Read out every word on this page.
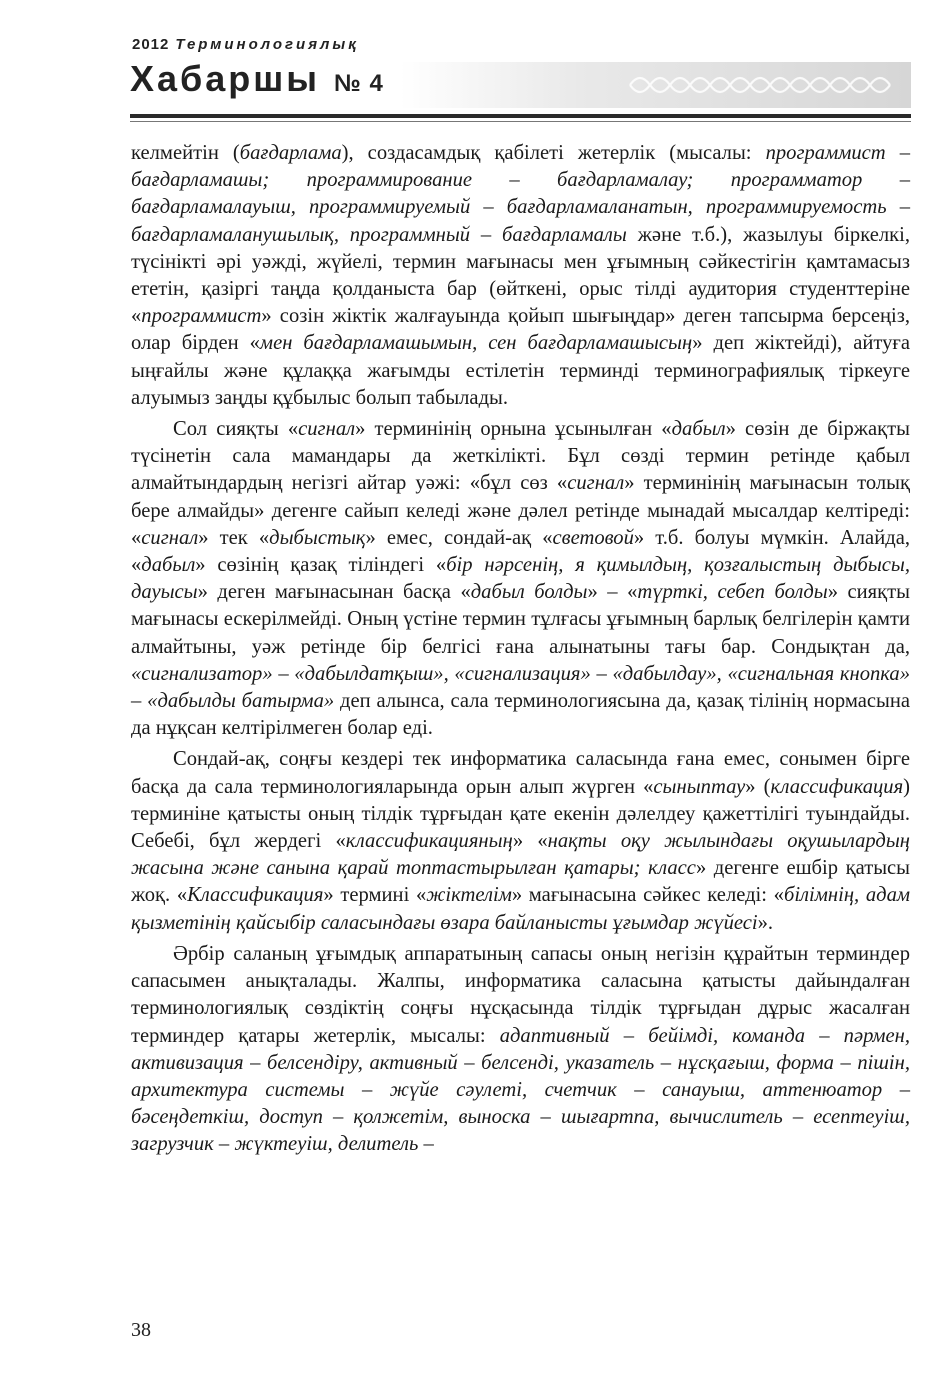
2012 Терминологиялық
Хабаршы № 4

келмейтін (бағдарлама), создасамдық қабілеті жетерлік (мысалы: программист – бағдарламашы; программирование – бағдарламалау; программатор – бағдарламалауыш, программируемый – бағдарламаланатын, программируемость – бағдарламаланушылық, программный – бағдарламалы және т.б.), жазылуы біркелкі, түсінікті әрі уәжді, жүйелі, термин мағынасы мен ұғымның сәйкестігін қамтамасыз ететін, қазіргі таңда қолданыста бар (өйткені, орыс тілді аудитория студенттеріне «программист» созін жіктік жалғауында қойып шығыңдар» деген тапсырма берсеңіз, олар бірден «мен бағдарламашымын, сен бағдарламашысың» деп жіктейді), айтуға ыңғайлы және құлаққа жағымды естілетін терминді терминографиялық тіркеуге алуымыз заңды құбылыс болып табылады.

Сол сияқты «сигнал» терминінің орнына ұсынылған «дабыл» сөзін де біржақты түсінетін сала мамандары да жеткілікті. Бұл сөзді термин ретінде қабыл алмайтындардың негізгі айтар уәжі: «бұл сөз «сигнал» терминінің мағынасын толық бере алмайды» дегенге сайып келеді және дәлел ретінде мынадай мысалдар келтіреді: «сигнал» тек «дыбыстық» емес, сондай-ақ «световой» т.б. болуы мүмкін. Алайда, «дабыл» сөзінің қазақ тіліндегі «бір нәрсенің, я қимылдың, қозғалыстың дыбысы, дауысы» деген мағынасынан басқа «дабыл болды» – «түрткі, себеп болды» сияқты мағынасы ескерілмейді. Оның үстіне термин тұлғасы ұғымның барлық белгілерін қамти алмайтыны, уәж ретінде бір белгісі ғана алынатыны тағы бар. Сондықтан да, «сигнализатор» – «дабылдатқыш», «сигнализация» – «дабылдау», «сигнальная кнопка» – «дабылды батырма» деп алынса, сала терминологиясына да, қазақ тілінің нормасына да нұқсан келтірілмеген болар еді.

Сондай-ақ, соңғы кездері тек информатика саласында ғана емес, сонымен бірге басқа да сала терминологияларында орын алып жүрген «сыныптау» (классификация) терминіне қатысты оның тілдік тұрғыдан қате екенін дәлелдеу қажеттілігі туындайды. Себебі, бұл жердегі «классификацияның» «нақты оқу жылындағы оқушылардың жасына және санына қарай топтастырылған қатары; класс» дегенге ешбір қатысы жоқ. «Классификация» термині «жіктелім» мағынасына сәйкес келеді: «білімнің, адам қызметінің қайсыбір саласындағы өзара байланысты ұғымдар жүйесі».

Әрбір саланың ұғымдық аппаратының сапасы оның негізін құрайтын терминдер сапасымен анықталады. Жалпы, информатика саласына қатысты дайындалған терминологиялық сөздіктің соңғы нұсқасында тілдік тұрғыдан дұрыс жасалған терминдер қатары жетерлік, мысалы: адаптивный – бейімді, команда – пәрмен, активизация – белсендіру, активный – белсенді, указатель – нұсқағыш, форма – пішін, архитектура системы – жүйе сәулеті, счетчик – санауыш, аттенюатор – бәсеңдеткіш, доступ – қолжетім, выноска – шығартпа, вычислитель – есептеуіш, загрузчик – жүктеуіш, делитель –

38
